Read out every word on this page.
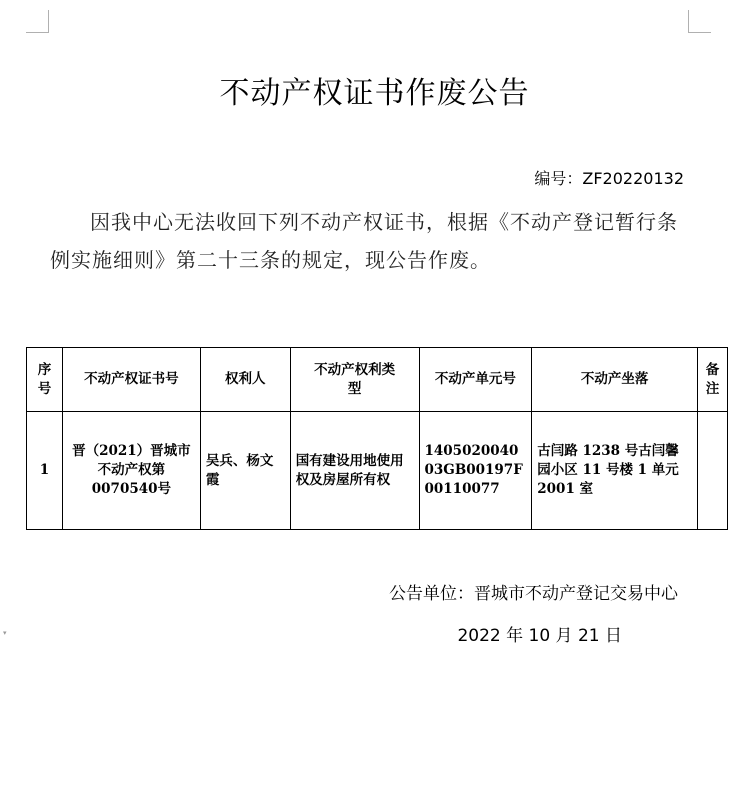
不动产权证书作废公告
编号：ZF20220132

因我中心无法收回下列不动产权证书，根据《不动产登记暂行条例实施细则》第二十三条的规定，现公告作废。

序号	不动产权证书号	权利人	不动产权利类型	不动产单元号	不动产坐落	备注
1	晋（2021）晋城市不动产权第0070540号	吴兵、杨文霞	国有建设用地使用权及房屋所有权	140502004003GB00197F00110077	古闫路 1238 号古闫馨园小区 11 号楼 1 单元 2001 室	
公告单位：晋城市不动产登记交易中心
2022 年 10 月 21 日
▾
